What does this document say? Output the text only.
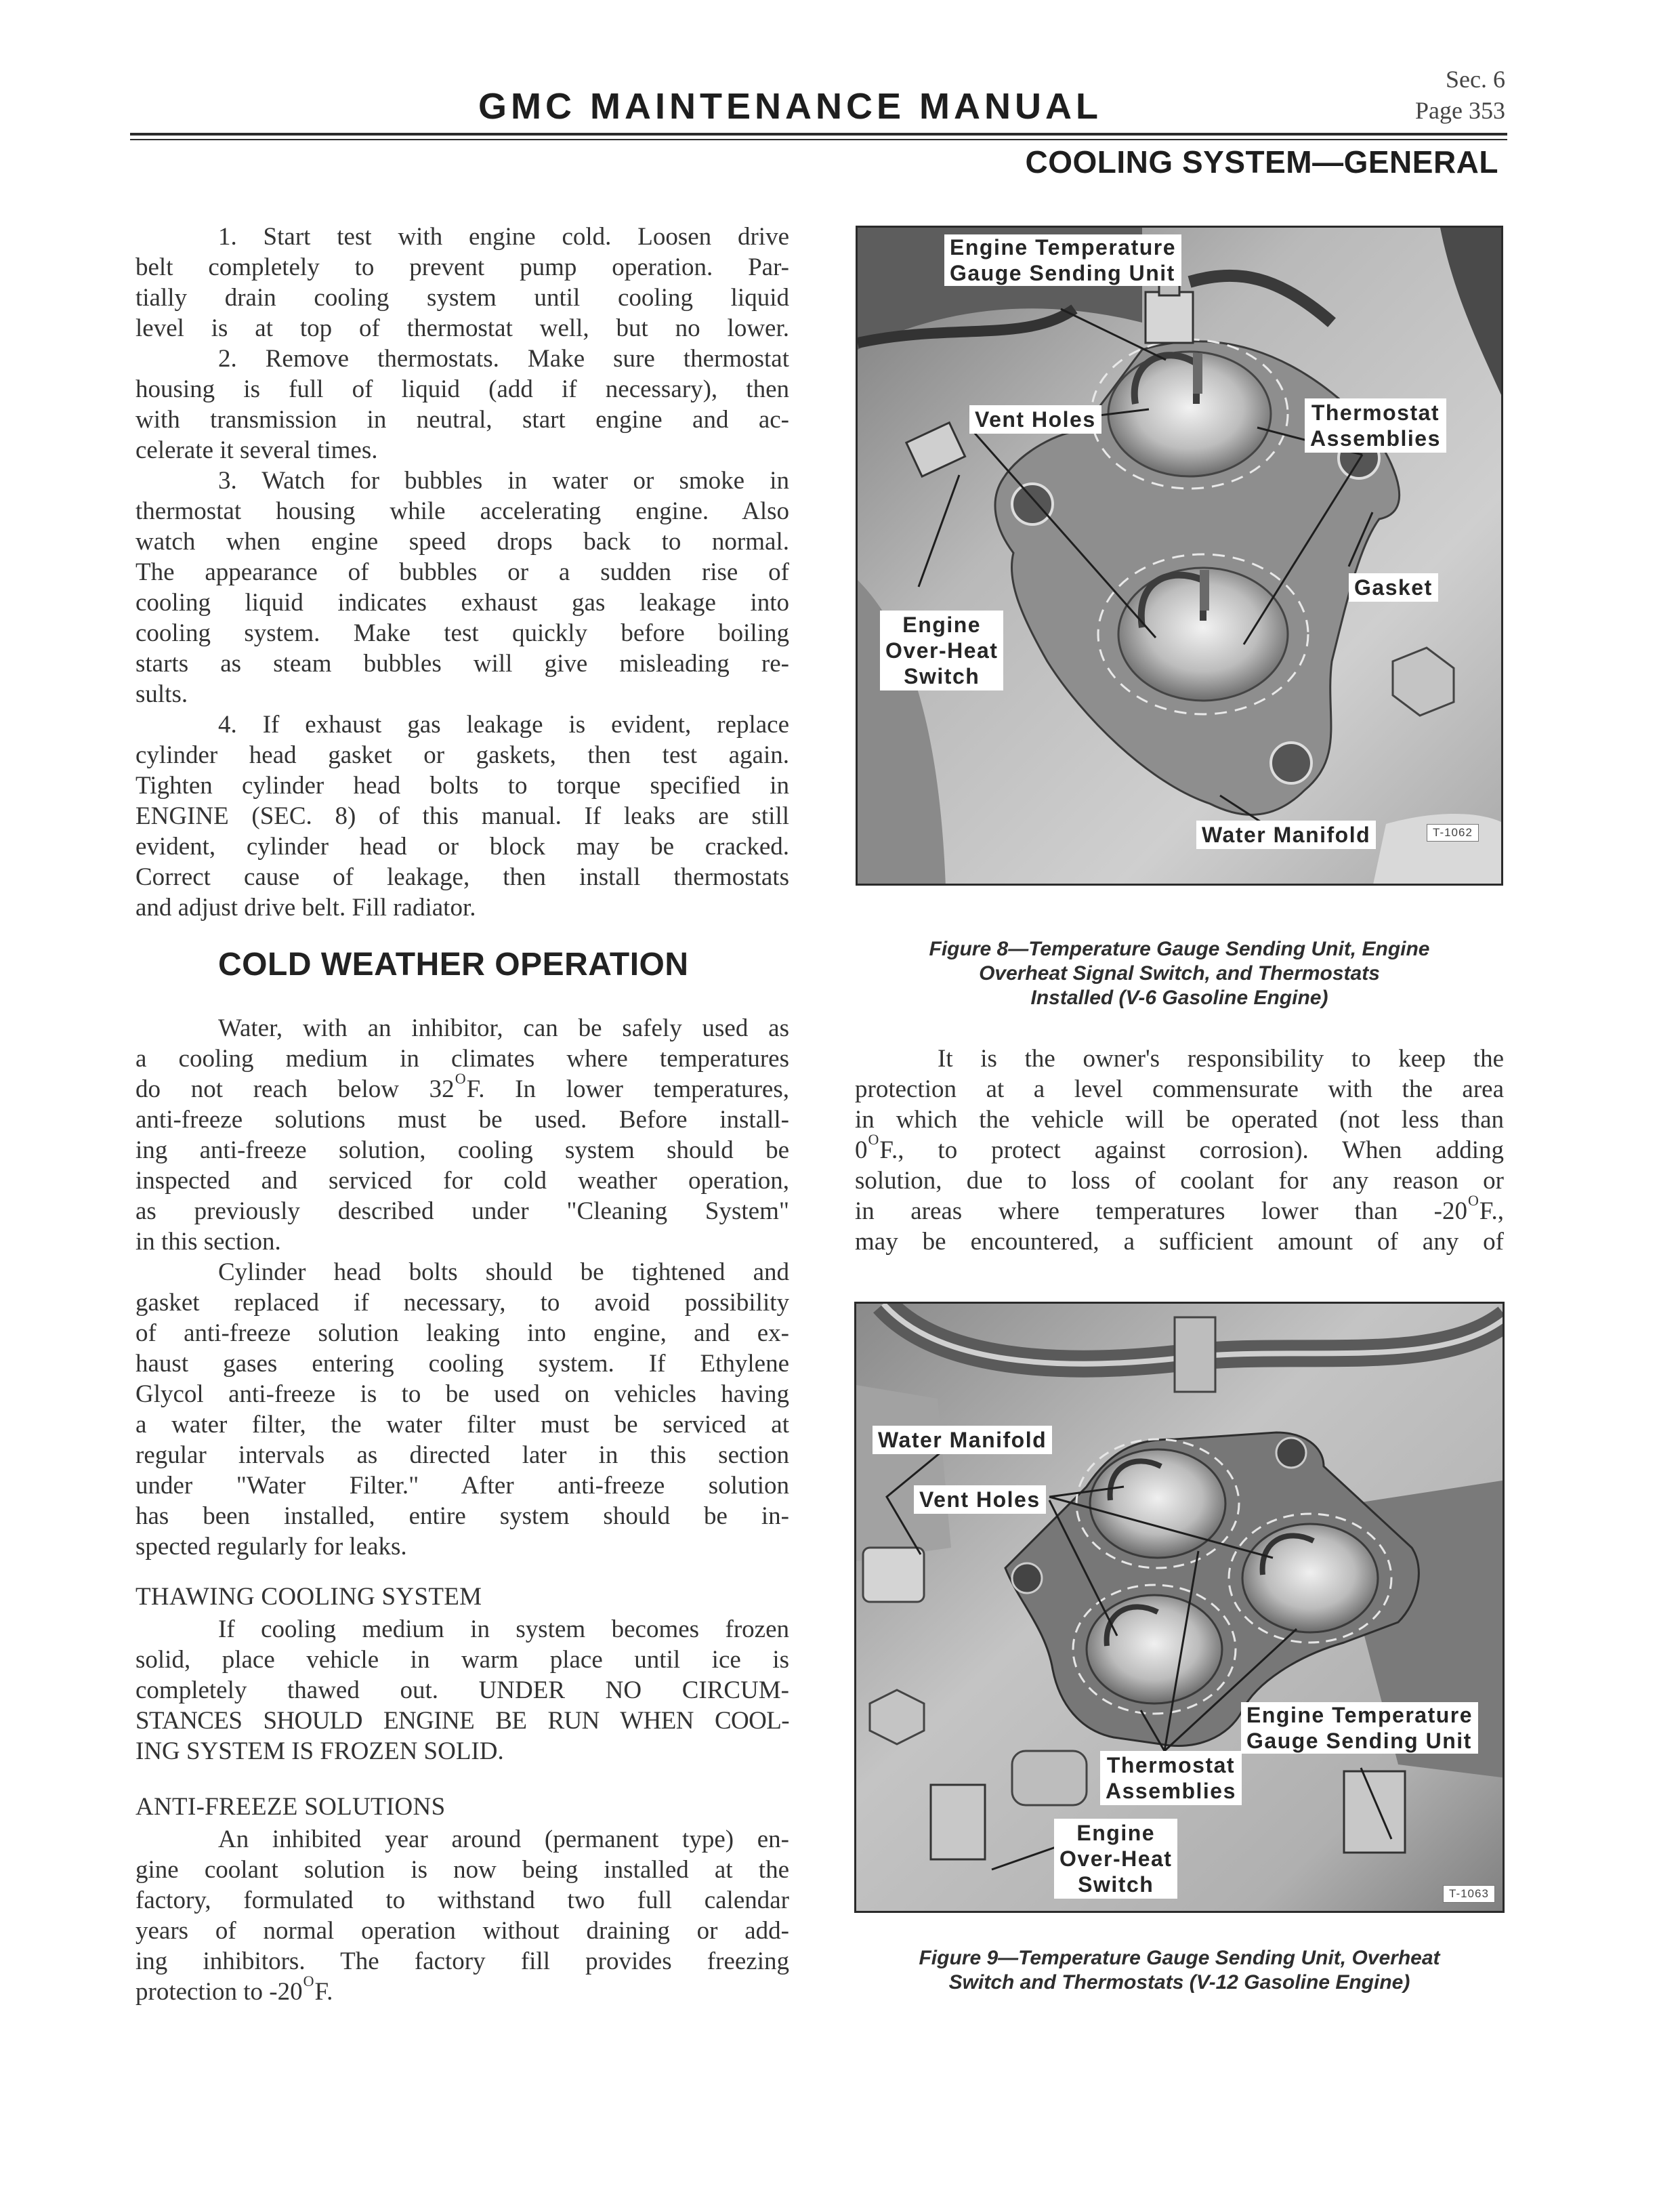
GMC MAINTENANCE MANUAL
Sec. 6
Page 353
COOLING SYSTEM—GENERAL
1. Start test with engine cold. Loosen drive
belt completely to prevent pump operation. Par-
tially drain cooling system until cooling liquid
level is at top of thermostat well, but no lower.
2. Remove thermostats. Make sure thermostat
housing is full of liquid (add if necessary), then
with transmission in neutral, start engine and ac-
celerate it several times.
3. Watch for bubbles in water or smoke in
thermostat housing while accelerating engine. Also
watch when engine speed drops back to normal.
The appearance of bubbles or a sudden rise of
cooling liquid indicates exhaust gas leakage into
cooling system. Make test quickly before boiling
starts as steam bubbles will give misleading re-
sults.
4. If exhaust gas leakage is evident, replace
cylinder head gasket or gaskets, then test again.
Tighten cylinder head bolts to torque specified in
ENGINE (SEC. 8) of this manual. If leaks are still
evident, cylinder head or block may be cracked.
Correct cause of leakage, then install thermostats
and adjust drive belt. Fill radiator.
COLD WEATHER OPERATION
Water, with an inhibitor, can be safely used as
a cooling medium in climates where temperatures
do not reach below $32^OF$. In lower temperatures,
anti-freeze solutions must be used. Before install-
ing anti-freeze solution, cooling system should be
inspected and serviced for cold weather operation,
as previously described under "Cleaning System"
in this section.
Cylinder head bolts should be tightened and
gasket replaced if necessary, to avoid possibility
of anti-freeze solution leaking into engine, and ex-
haust gases entering cooling system. If Ethylene
Glycol anti-freeze is to be used on vehicles having
a water filter, the water filter must be serviced at
regular intervals as directed later in this section
under "Water Filter." After anti-freeze solution
has been installed, entire system should be in-
spected regularly for leaks.
THAWING COOLING SYSTEM
If cooling medium in system becomes frozen
solid, place vehicle in warm place until ice is
completely thawed out. UNDER NO CIRCUM-
STANCES SHOULD ENGINE BE RUN WHEN COOL-
ING SYSTEM IS FROZEN SOLID.
ANTI-FREEZE SOLUTIONS
An inhibited year around (permanent type) en-
gine coolant solution is now being installed at the
factory, formulated to withstand two full calendar
years of normal operation without draining or add-
ing inhibitors. The factory fill provides freezing
protection to $-20^OF$.
Engine Temperature
Gauge Sending Unit
Vent Holes	Thermostat
Assemblies
Gasket
Engine
Over-Heat
Switch
Water Manifold	T-1062
Figure 8—Temperature Gauge Sending Unit, Engine
Overheat Signal Switch, and Thermostats
Installed (V-6 Gasoline Engine)
It is the owner's responsibility to keep the
protection at a level commensurate with the area
in which the vehicle will be operated (not less than
$0^OF$., to protect against corrosion). When adding
solution, due to loss of coolant for any reason or
in areas where temperatures lower than $-20^OF$.,
may be encountered, a sufficient amount of any of
Water Manifold
Vent Holes
Engine Temperature
Gauge Sending Unit
Thermostat
Assemblies
Engine
Over-Heat
Switch	T-1063
Figure 9—Temperature Gauge Sending Unit, Overheat
Switch and Thermostats (V-12 Gasoline Engine)
